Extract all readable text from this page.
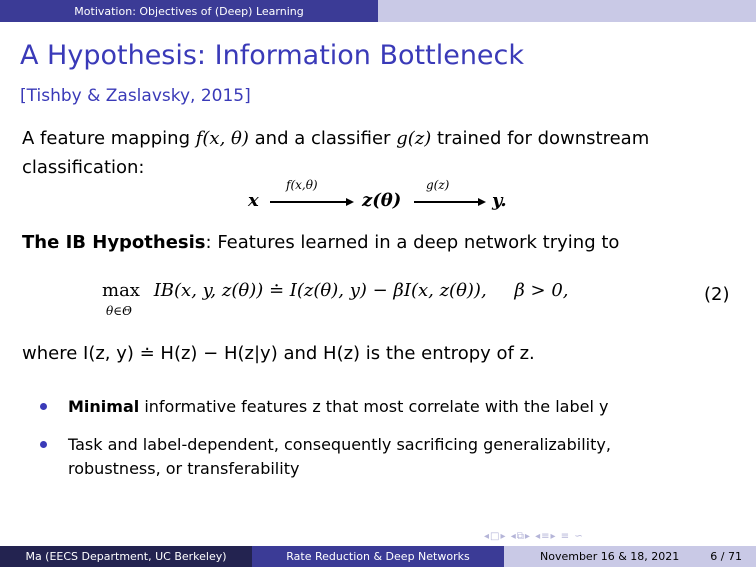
Motivation: Objectives of (Deep) Learning
A Hypothesis: Information Bottleneck
[Tishby & Zaslavsky, 2015]
A feature mapping f(x, θ) and a classifier g(z) trained for downstream
classification:
x
f(x,θ)
z(θ)
g(z)
y.
The IB Hypothesis: Features learned in a deep network trying to
max IB(x, y, z(θ)) ≐ I(z(θ), y) − βI(x, z(θ)), β > 0,
θ∈Θ
(2)
where I(z, y) ≐ H(z) − H(z|y) and H(z) is the entropy of z.
Minimal informative features z that most correlate with the label y
Task and label-dependent, consequently sacrificing generalizability,
robustness, or transferability
◂□▸ ◂⧉▸ ◂≡▸ ≡ ∽
Ma (EECS Department, UC Berkeley)	Rate Reduction & Deep Networks	November 16 & 18, 2021	6 / 71
